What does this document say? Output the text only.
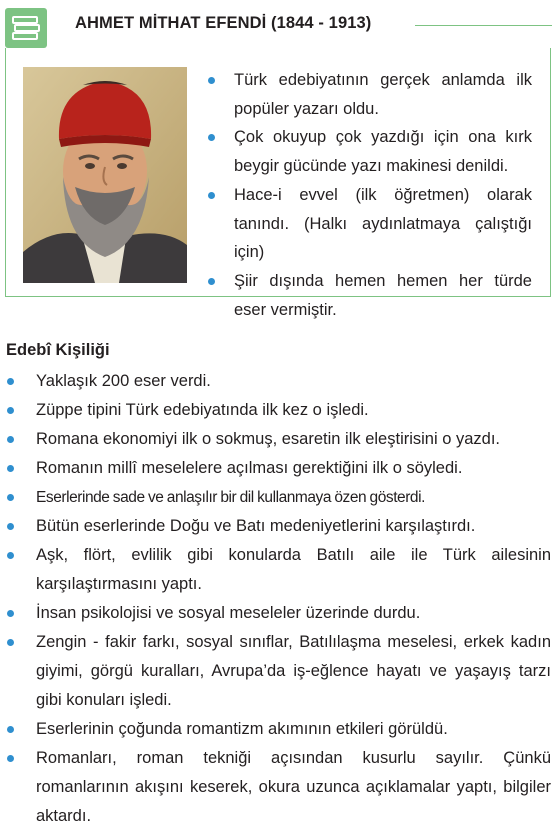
AHMET MİTHAT EFENDİ (1844 - 1913)
Türk edebiyatının gerçek anlamda ilk popüler yazarı oldu.
Çok okuyup çok yazdığı için ona kırk beygir gücünde yazı makinesi denildi.
Hace-i evvel (ilk öğretmen) olarak tanındı. (Halkı aydınlatmaya çalıştığı için)
Şiir dışında hemen hemen her türde eser vermiştir.
Edebî Kişiliği
Yaklaşık 200 eser verdi.
Züppe tipini Türk edebiyatında ilk kez o işledi.
Romana ekonomiyi ilk o sokmuş, esaretin ilk eleştirisini o yazdı.
Romanın millî meselelere açılması gerektiğini ilk o söyledi.
Eserlerinde sade ve anlaşılır bir dil kullanmaya özen gösterdi.
Bütün eserlerinde Doğu ve Batı medeniyetlerini karşılaştırdı.
Aşk, flört, evlilik gibi konularda Batılı aile ile Türk ailesinin karşılaştırmasını yaptı.
İnsan psikolojisi ve sosyal meseleler üzerinde durdu.
Zengin - fakir farkı, sosyal sınıflar, Batılılaşma meselesi, erkek kadın giyimi, görgü kuralları, Avrupa’da iş-eğlence hayatı ve yaşayış tarzı gibi konuları işledi.
Eserlerinin çoğunda romantizm akımının etkileri görüldü.
Romanları, roman tekniği açısından kusurlu sayılır. Çünkü romanlarının akışını keserek, okura uzunca açıklamalar yaptı, bilgiler aktardı.
